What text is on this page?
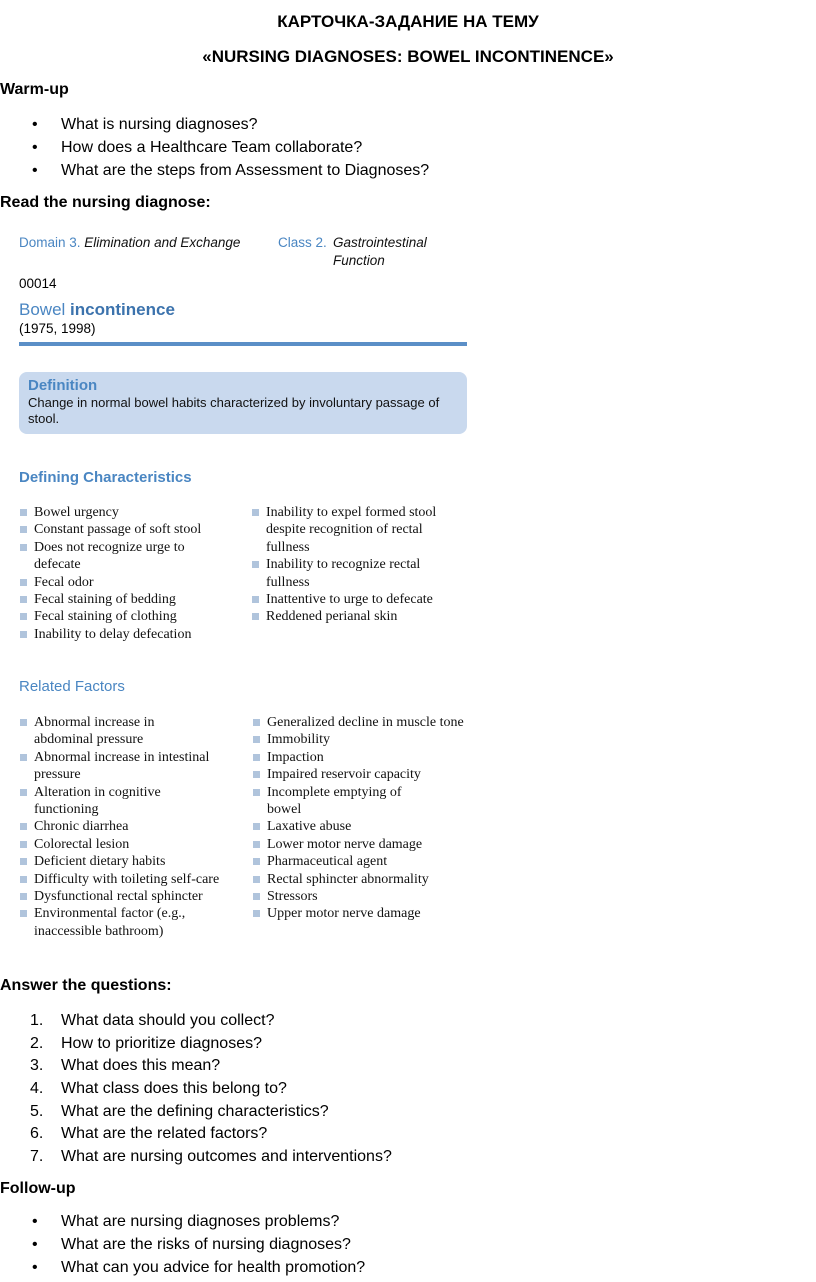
КАРТОЧКА-ЗАДАНИЕ НА ТЕМУ
«NURSING DIAGNOSES: BOWEL INCONTINENCE»
Warm-up
• What is nursing diagnoses?
• How does a Healthcare Team collaborate?
• What are the steps from Assessment to Diagnoses?
Read the nursing diagnose:
Domain 3. Elimination and Exchange	Class 2. Gastrointestinal
Function
00014
Bowel incontinence
(1975, 1998)
Definition
Change in normal bowel habits characterized by involuntary passage of stool.
Defining Characteristics
Bowel urgency
Constant passage of soft stool
Does not recognize urge to defecate
Fecal odor
Fecal staining of bedding
Fecal staining of clothing
Inability to delay defecation
Inability to expel formed stool despite recognition of rectal fullness
Inability to recognize rectal fullness
Inattentive to urge to defecate
Reddened perianal skin
Related Factors
Abnormal increase in abdominal pressure
Abnormal increase in intestinal pressure
Alteration in cognitive functioning
Chronic diarrhea
Colorectal lesion
Deficient dietary habits
Difficulty with toileting self-care
Dysfunctional rectal sphincter
Environmental factor (e.g., inaccessible bathroom)
Generalized decline in muscle tone
Immobility
Impaction
Impaired reservoir capacity
Incomplete emptying of bowel
Laxative abuse
Lower motor nerve damage
Pharmaceutical agent
Rectal sphincter abnormality
Stressors
Upper motor nerve damage
Answer the questions:
1. What data should you collect?
2. How to prioritize diagnoses?
3. What does this mean?
4. What class does this belong to?
5. What are the defining characteristics?
6. What are the related factors?
7. What are nursing outcomes and interventions?
Follow-up
• What are nursing diagnoses problems?
• What are the risks of nursing diagnoses?
• What can you advice for health promotion?
